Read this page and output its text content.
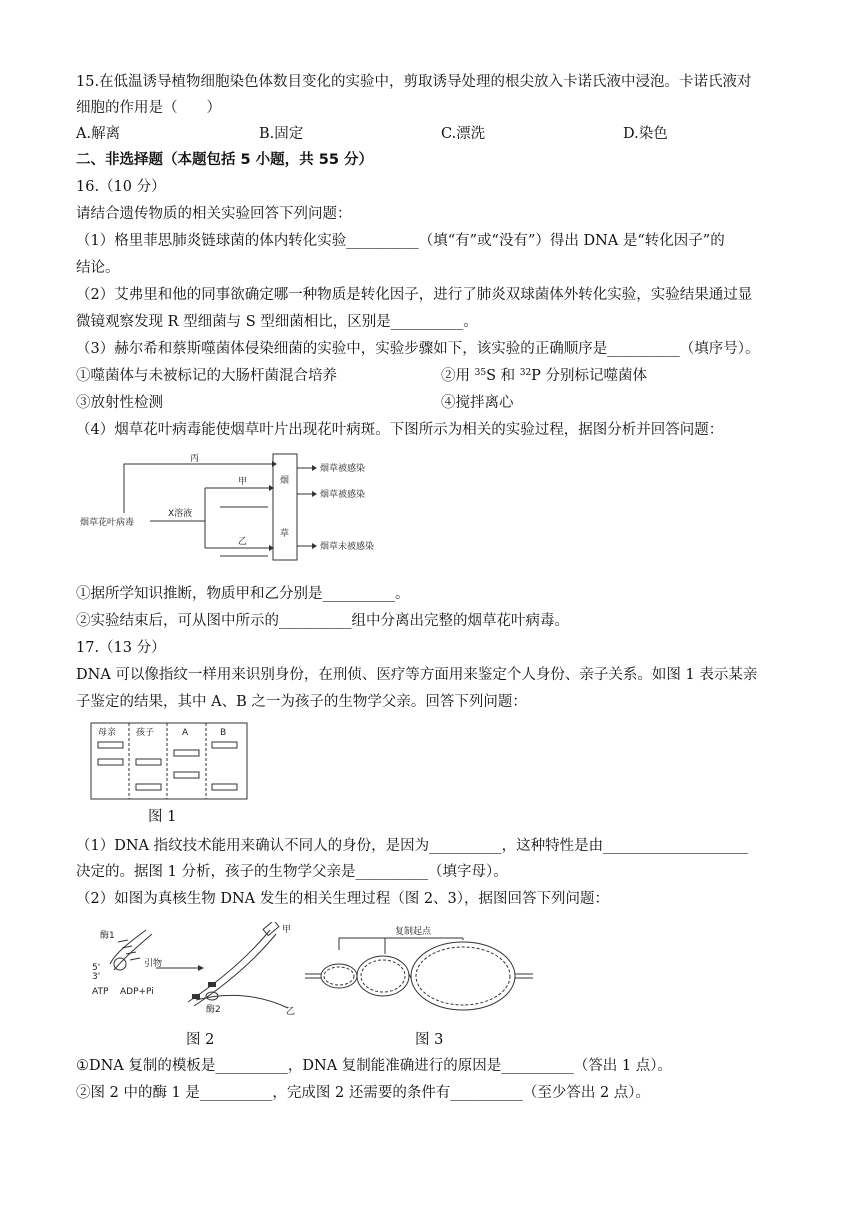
15.在低温诱导植物细胞染色体数目变化的实验中，剪取诱导处理的根尖放入卡诺氏液中浸泡。卡诺氏液对
细胞的作用是（　　）
A.解离	B.固定	C.漂洗	D.染色
二、非选择题（本题包括 5 小题，共 55 分）
16.（10 分）
请结合遗传物质的相关实验回答下列问题：
（1）格里菲思肺炎链球菌的体内转化实验__________（填“有”或“没有”）得出 DNA 是“转化因子”的
结论。
（2）艾弗里和他的同事欲确定哪一种物质是转化因子，进行了肺炎双球菌体外转化实验，实验结果通过显
微镜观察发现 R 型细菌与 S 型细菌相比，区别是__________。
（3）赫尔希和蔡斯噬菌体侵染细菌的实验中，实验步骤如下，该实验的正确顺序是__________（填序号）。
①噬菌体与未被标记的大肠杆菌混合培养	②用 $^{35}$S 和 $^{32}$P 分别标记噬菌体
③放射性检测	④搅拌离心
（4）烟草花叶病毒能使烟草叶片出现花叶病斑。下图所示为相关的实验过程，据图分析并回答问题：
烟草花叶病毒
X溶液
丙
甲
乙
烟
草
烟草被感染
烟草被感染
烟草未被感染
①据所学知识推断，物质甲和乙分别是__________。
②实验结束后，可从图中所示的__________组中分离出完整的烟草花叶病毒。
17.（13 分）
DNA 可以像指纹一样用来识别身份，在刑侦、医疗等方面用来鉴定个人身份、亲子关系。如图 1 表示某亲
子鉴定的结果，其中 A、B 之一为孩子的生物学父亲。回答下列问题：
母亲 孩子	A	B
图 1
（1）DNA 指纹技术能用来确认不同人的身份，是因为__________，这种特性是由____________________
决定的。据图 1 分析，孩子的生物学父亲是__________（填字母）。
（2）如图为真核生物 DNA 发生的相关生理过程（图 2、3），据图回答下列问题：
酶1
5'
3'
引物
ATP ADP+Pi
甲
酶2	乙
图 2
复制起点
图 3
①DNA 复制的模板是__________，DNA 复制能准确进行的原因是__________（答出 1 点）。
②图 2 中的酶 1 是__________，完成图 2 还需要的条件有__________（至少答出 2 点）。
